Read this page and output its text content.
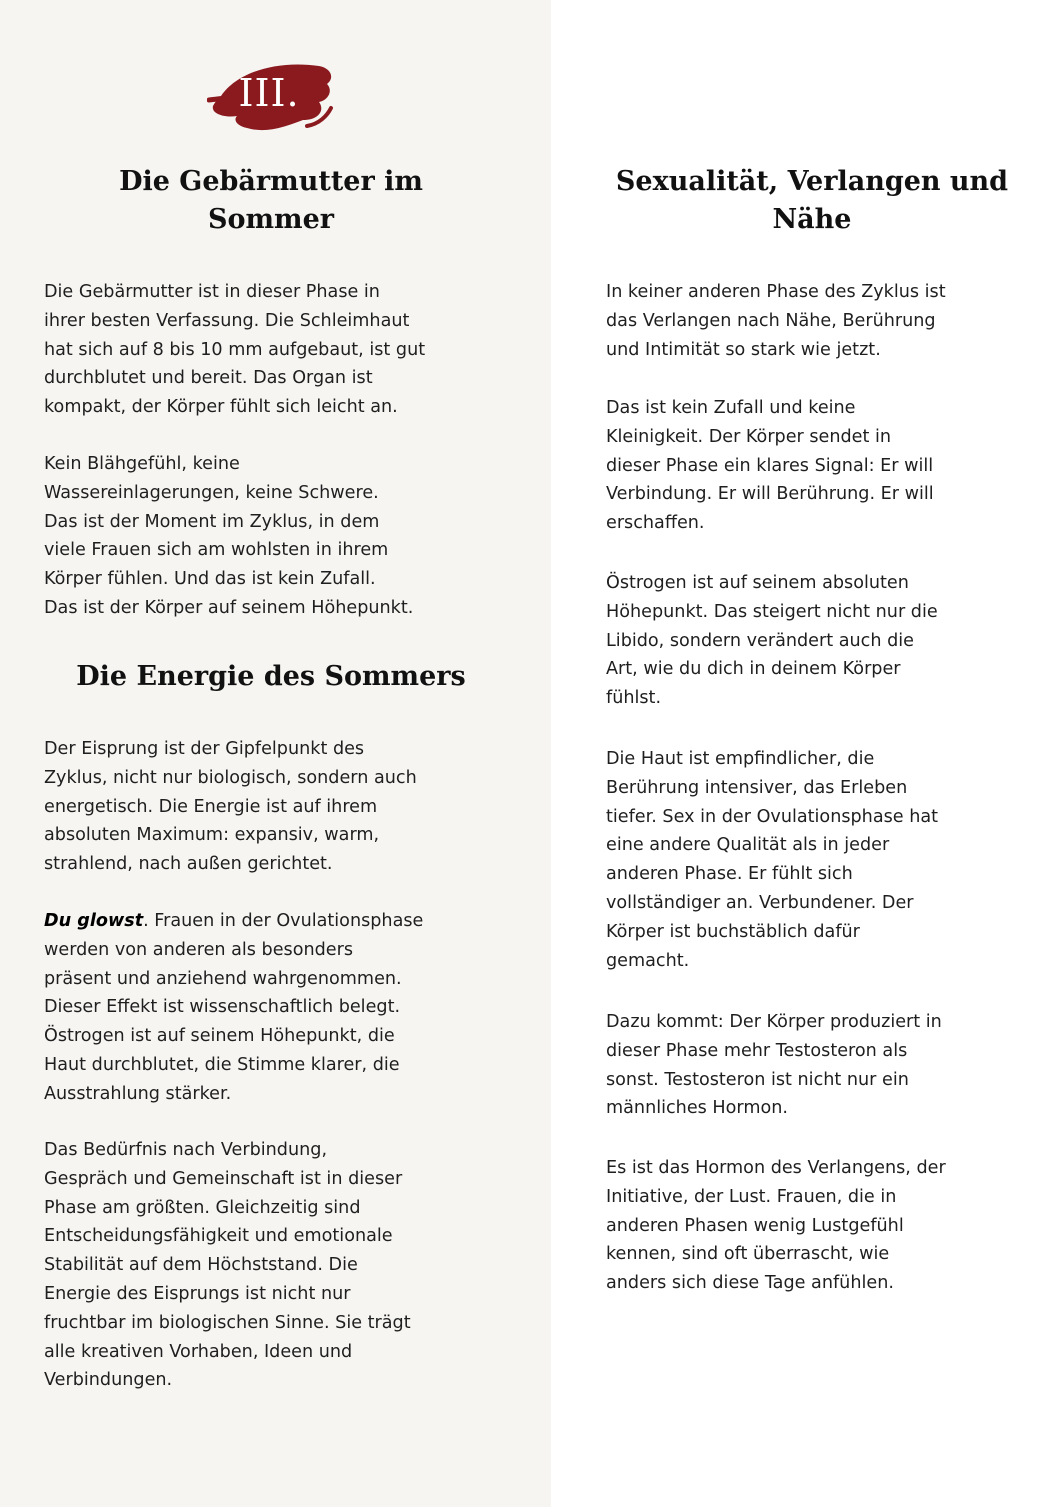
III.
Die Gebärmutter im
Sommer

Die Gebärmutter ist in dieser Phase in
ihrer besten Verfassung. Die Schleimhaut
hat sich auf 8 bis 10 mm aufgebaut, ist gut
durchblutet und bereit. Das Organ ist
kompakt, der Körper fühlt sich leicht an.

Kein Blähgefühl, keine
Wassereinlagerungen, keine Schwere.
Das ist der Moment im Zyklus, in dem
viele Frauen sich am wohlsten in ihrem
Körper fühlen. Und das ist kein Zufall.
Das ist der Körper auf seinem Höhepunkt.

Die Energie des Sommers

Der Eisprung ist der Gipfelpunkt des
Zyklus, nicht nur biologisch, sondern auch
energetisch. Die Energie ist auf ihrem
absoluten Maximum: expansiv, warm,
strahlend, nach außen gerichtet.

Du glowst. Frauen in der Ovulationsphase
werden von anderen als besonders
präsent und anziehend wahrgenommen.
Dieser Effekt ist wissenschaftlich belegt.
Östrogen ist auf seinem Höhepunkt, die
Haut durchblutet, die Stimme klarer, die
Ausstrahlung stärker.

Das Bedürfnis nach Verbindung,
Gespräch und Gemeinschaft ist in dieser
Phase am größten. Gleichzeitig sind
Entscheidungsfähigkeit und emotionale
Stabilität auf dem Höchststand. Die
Energie des Eisprungs ist nicht nur
fruchtbar im biologischen Sinne. Sie trägt
alle kreativen Vorhaben, Ideen und
Verbindungen.

Sexualität, Verlangen und
Nähe

In keiner anderen Phase des Zyklus ist
das Verlangen nach Nähe, Berührung
und Intimität so stark wie jetzt.

Das ist kein Zufall und keine
Kleinigkeit. Der Körper sendet in
dieser Phase ein klares Signal: Er will
Verbindung. Er will Berührung. Er will
erschaffen.

Östrogen ist auf seinem absoluten
Höhepunkt. Das steigert nicht nur die
Libido, sondern verändert auch die
Art, wie du dich in deinem Körper
fühlst.

Die Haut ist empfindlicher, die
Berührung intensiver, das Erleben
tiefer. Sex in der Ovulationsphase hat
eine andere Qualität als in jeder
anderen Phase. Er fühlt sich
vollständiger an. Verbundener. Der
Körper ist buchstäblich dafür
gemacht.

Dazu kommt: Der Körper produziert in
dieser Phase mehr Testosteron als
sonst. Testosteron ist nicht nur ein
männliches Hormon.

Es ist das Hormon des Verlangens, der
Initiative, der Lust. Frauen, die in
anderen Phasen wenig Lustgefühl
kennen, sind oft überrascht, wie
anders sich diese Tage anfühlen.
